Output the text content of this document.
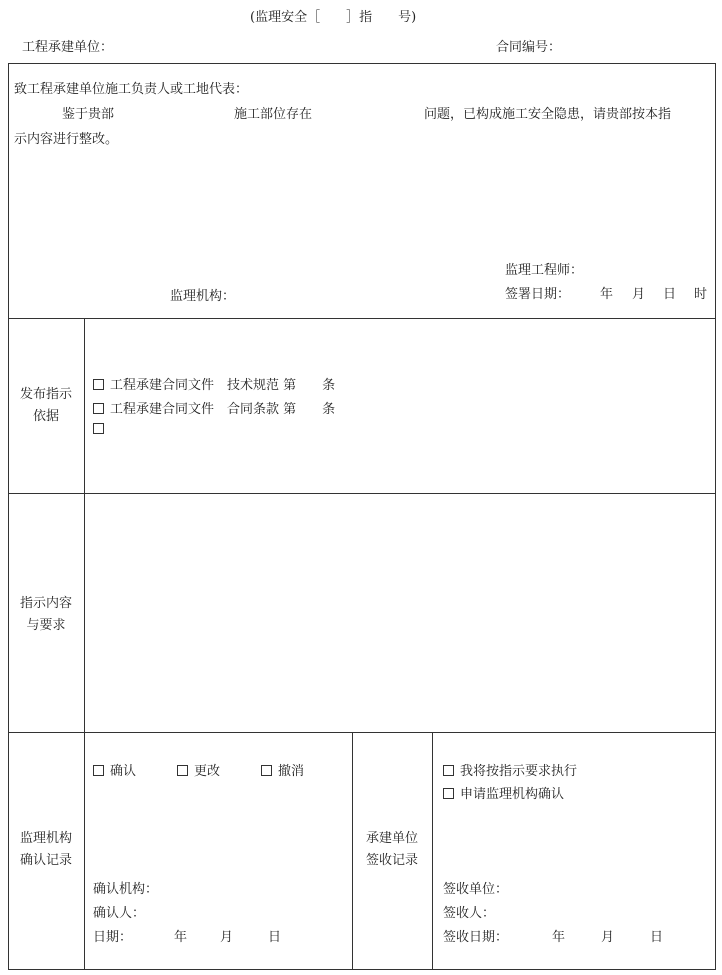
(监理安全［　　］指　　号)
工程承建单位：	合同编号：
致工程承建单位施工负责人或工地代表：
鉴于贵部	施工部位存在	问题，已构成施工安全隐患，请贵部按本指
示内容进行整改。
监理工程师：
监理机构：	签署日期： 年 月 日 时
发布指示
依据
工程承建合同文件　技术规范 第　　条
工程承建合同文件　合同条款 第　　条
指示内容
与要求
监理机构
确认记录
确认	更改	撤消
确认机构：
确认人：
日期：	年	月	日
承建单位
签收记录
我将按指示要求执行
申请监理机构确认
签收单位：
签收人：
签收日期：	年	月	日
